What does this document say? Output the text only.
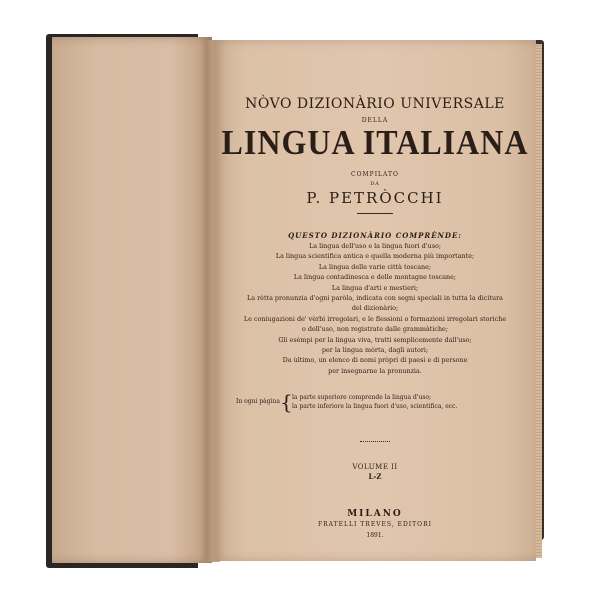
NÒVO DIZIONÀRIO UNIVERSALE
DELLA
LINGUA ITALIANA
COMPILATO
DA
P. PETRÒCCHI
QUESTO DIZIONÀRIO COMPRÈNDE:
La lingua dell'uso e la lingua fuori d'uso;
La lingua scientifica antica e quella moderna più importante;
La lingua delle varie città toscane;
La lingua contadinesca e delle montagne toscane;
La lingua d'arti e mestieri;
La rètta pronunzia d'ogni paròla, indicata con segni speciali in tutta la dicitura
del dizionàrio;
Le coniugazioni de' vèrbi irregolari, e le flessioni o formazioni irregolari storiche
o dell'uso, non registrate dalle grammàtiche;
Gli esèmpi per la lingua viva, tratti semplicemente dall'uso;
per la lingua mòrta, dagli autori;
Da ùltimo, un elenco di nomi pròpri di paesi e di persone
per insegnarne la pronunzia.
In ogni pàgina { la parte superiore comprende la lingua d'uso;
la parte inferiore la lingua fuori d'uso, scientifica, ecc.
VOLUME II
L-Z
MILANO
FRATELLI TREVES, EDITORI
1891.
